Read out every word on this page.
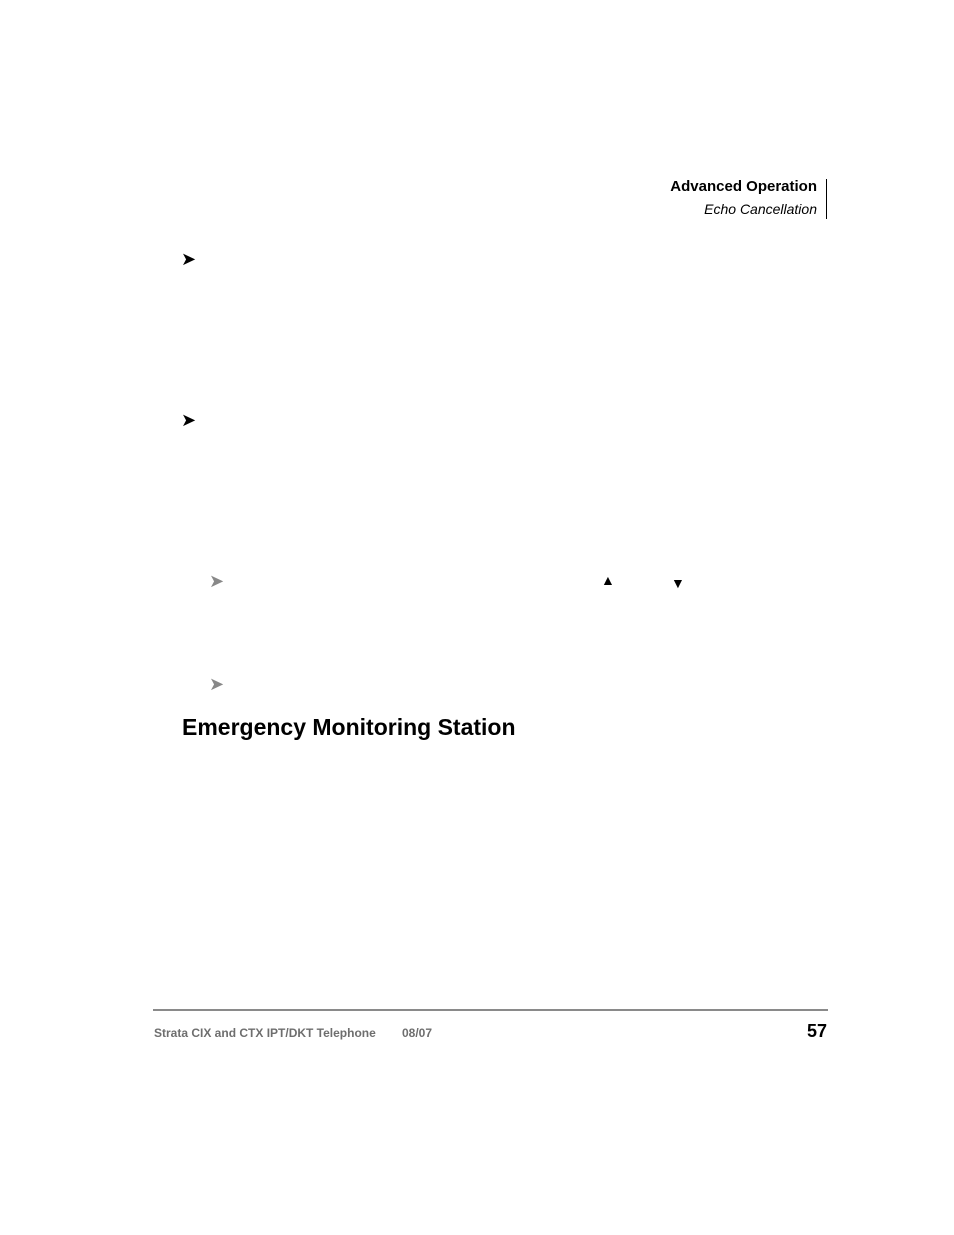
Advanced Operation
Echo Cancellation
➤
➤
➤	▲	▼
➤
Emergency Monitoring Station
Strata CIX and CTX IPT/DKT Telephone 08/07	57
